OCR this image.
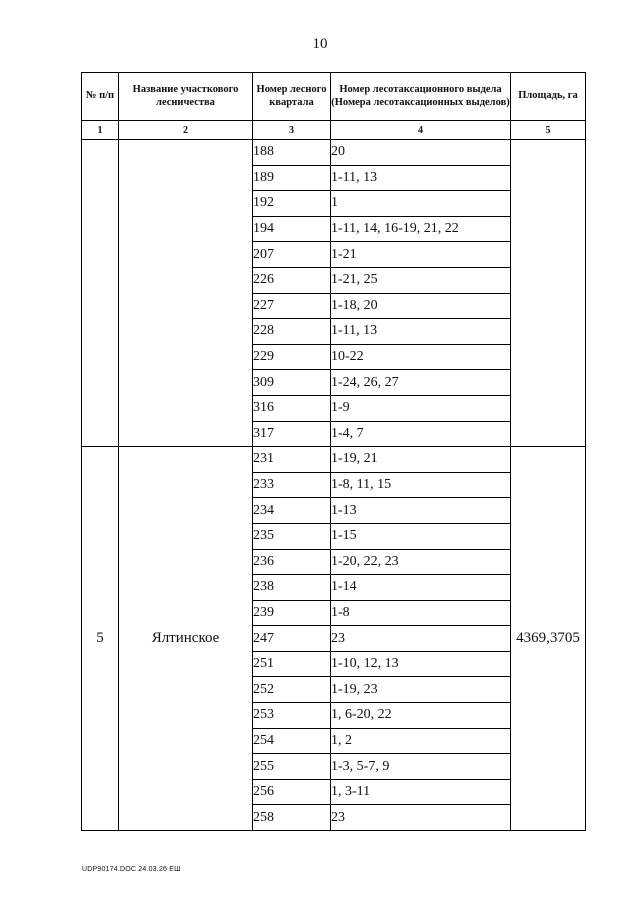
10
№ п/п	Название участкового лесничества	Номер лесного квартала	Номер лесотаксационного выдела (Номера лесотаксационных выделов)	Площадь, га
1	2	3	4	5
		188	20	
		189	1-11, 13	
		192	1	
		194	1-11, 14, 16-19, 21, 22	
		207	1-21	
		226	1-21, 25	
		227	1-18, 20	
		228	1-11, 13	
		229	10-22	
		309	1-24, 26, 27	
		316	1-9	
		317	1-4, 7	
5	Ялтинское	231	1-19, 21	4369,3705
		233	1-8, 11, 15	
		234	1-13	
		235	1-15	
		236	1-20, 22, 23	
		238	1-14	
		239	1-8	
		247	23	
		251	1-10, 12, 13	
		252	1-19, 23	
		253	1, 6-20, 22	
		254	1, 2	
		255	1-3, 5-7, 9	
		256	1, 3-11	
		258	23	
UDP90174.DOC 24.03.26 ЕШ
